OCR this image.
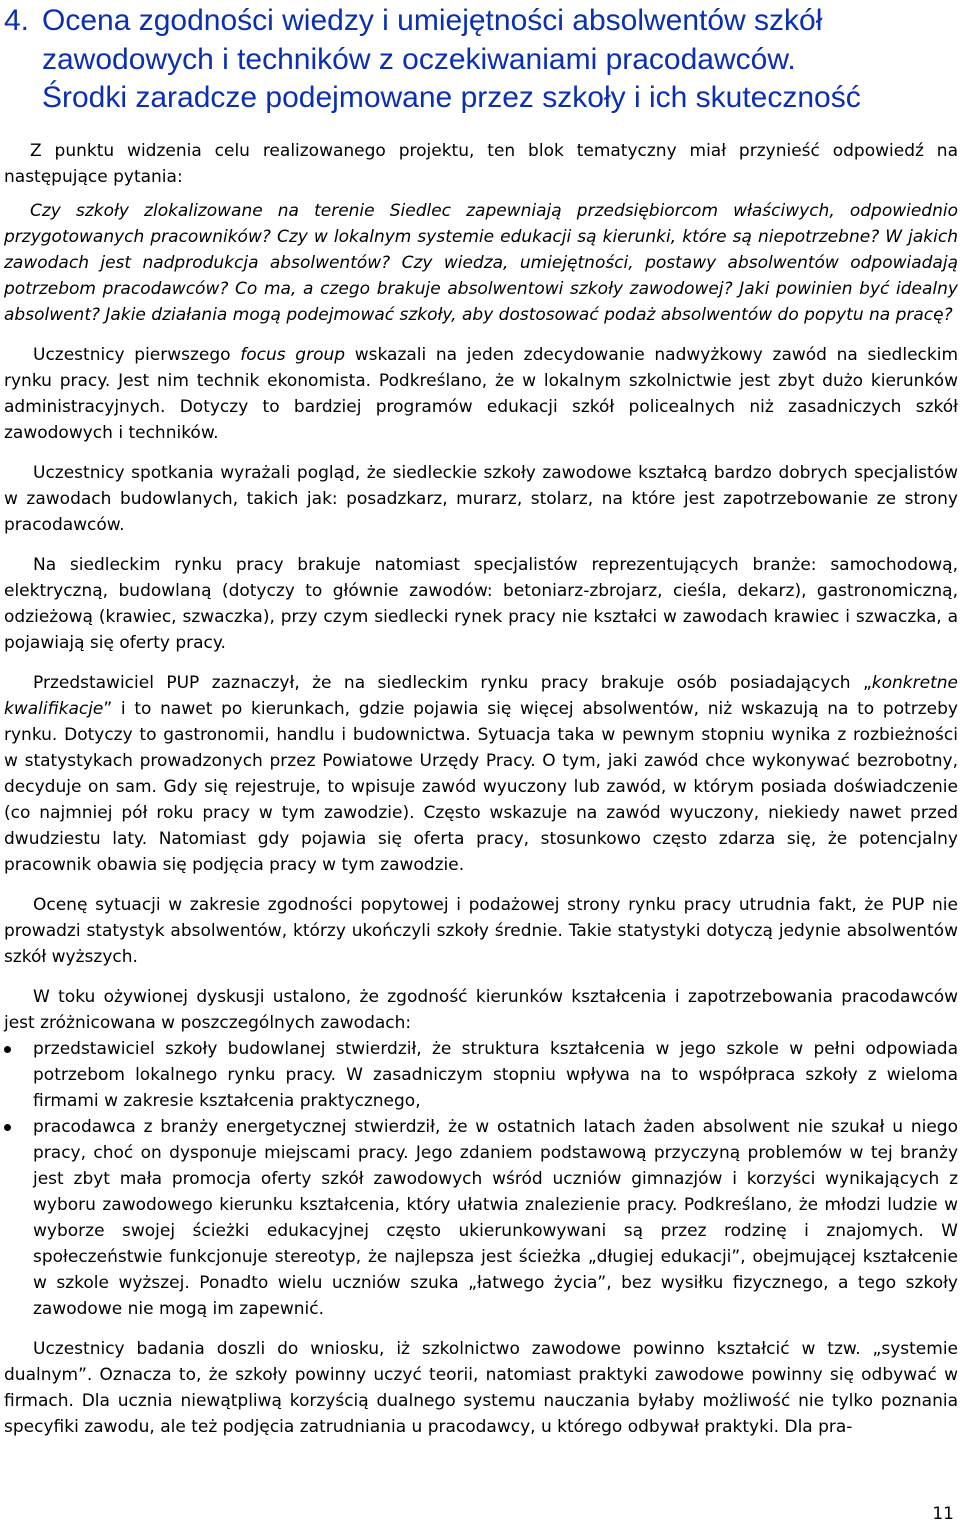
4. Ocena zgodności wiedzy i umiejętności absolwentów szkół
zawodowych i techników z oczekiwaniami pracodawców.
Środki zaradcze podejmowane przez szkoły i ich skuteczność

Z punktu widzenia celu realizowanego projektu, ten blok tematyczny miał przynieść odpowiedź na następujące pytania:

Czy szkoły zlokalizowane na terenie Siedlec zapewniają przedsiębiorcom właściwych, odpowiednio przygotowanych pracowników? Czy w lokalnym systemie edukacji są kierunki, które są niepotrzebne? W jakich zawodach jest nadprodukcja absolwentów? Czy wiedza, umiejętności, postawy absolwentów odpowiadają potrzebom pracodawców? Co ma, a czego brakuje absolwentowi szkoły zawodowej? Jaki powinien być idealny absolwent? Jakie działania mogą podejmować szkoły, aby dostosować podaż absolwentów do popytu na pracę?

Uczestnicy pierwszego focus group wskazali na jeden zdecydowanie nadwyżkowy zawód na siedleckim rynku pracy. Jest nim technik ekonomista. Podkreślano, że w lokalnym szkolnictwie jest zbyt dużo kierunków administracyjnych. Dotyczy to bardziej programów edukacji szkół policealnych niż zasadniczych szkół zawodowych i techników.

Uczestnicy spotkania wyrażali pogląd, że siedleckie szkoły zawodowe kształcą bardzo dobrych specjalistów w zawodach budowlanych, takich jak: posadzkarz, murarz, stolarz, na które jest zapotrzebowanie ze strony pracodawców.

Na siedleckim rynku pracy brakuje natomiast specjalistów reprezentujących branże: samochodową, elektryczną, budowlaną (dotyczy to głównie zawodów: betoniarz-zbrojarz, cieśla, dekarz), gastronomiczną, odzieżową (krawiec, szwaczka), przy czym siedlecki rynek pracy nie kształci w zawodach krawiec i szwaczka, a pojawiają się oferty pracy.

Przedstawiciel PUP zaznaczył, że na siedleckim rynku pracy brakuje osób posiadających „konkretne kwalifikacje” i to nawet po kierunkach, gdzie pojawia się więcej absolwentów, niż wskazują na to potrzeby rynku. Dotyczy to gastronomii, handlu i budownictwa. Sytuacja taka w pewnym stopniu wynika z rozbieżności w statystykach prowadzonych przez Powiatowe Urzędy Pracy. O tym, jaki zawód chce wykonywać bezrobotny, decyduje on sam. Gdy się rejestruje, to wpisuje zawód wyuczony lub zawód, w którym posiada doświadczenie (co najmniej pół roku pracy w tym zawodzie). Często wskazuje na zawód wyuczony, niekiedy nawet przed dwudziestu laty. Natomiast gdy pojawia się oferta pracy, stosunkowo często zdarza się, że potencjalny pracownik obawia się podjęcia pracy w tym zawodzie.

Ocenę sytuacji w zakresie zgodności popytowej i podażowej strony rynku pracy utrudnia fakt, że PUP nie prowadzi statystyk absolwentów, którzy ukończyli szkoły średnie. Takie statystyki dotyczą jedynie absolwentów szkół wyższych.

W toku ożywionej dyskusji ustalono, że zgodność kierunków kształcenia i zapotrzebowania pracodawców jest zróżnicowana w poszczególnych zawodach:

przedstawiciel szkoły budowlanej stwierdził, że struktura kształcenia w jego szkole w pełni odpowiada potrzebom lokalnego rynku pracy. W zasadniczym stopniu wpływa na to współpraca szkoły z wieloma firmami w zakresie kształcenia praktycznego,
pracodawca z branży energetycznej stwierdził, że w ostatnich latach żaden absolwent nie szukał u niego pracy, choć on dysponuje miejscami pracy. Jego zdaniem podstawową przyczyną problemów w tej branży jest zbyt mała promocja oferty szkół zawodowych wśród uczniów gimnazjów i korzyści wynikających z wyboru zawodowego kierunku kształcenia, który ułatwia znalezienie pracy. Podkreślano, że młodzi ludzie w wyborze swojej ścieżki edukacyjnej często ukierunkowywani są przez rodzinę i znajomych. W społeczeństwie funkcjonuje stereotyp, że najlepsza jest ścieżka „długiej edukacji”, obejmującej kształcenie w szkole wyższej. Ponadto wielu uczniów szuka „łatwego życia”, bez wysiłku fizycznego, a tego szkoły zawodowe nie mogą im zapewnić.

Uczestnicy badania doszli do wniosku, iż szkolnictwo zawodowe powinno kształcić w tzw. „systemie dualnym”. Oznacza to, że szkoły powinny uczyć teorii, natomiast praktyki zawodowe powinny się odbywać w firmach. Dla ucznia niewątpliwą korzyścią dualnego systemu nauczania byłaby możliwość nie tylko poznania specyfiki zawodu, ale też podjęcia zatrudniania u pracodawcy, u którego odbywał praktyki. Dla pra-

11
